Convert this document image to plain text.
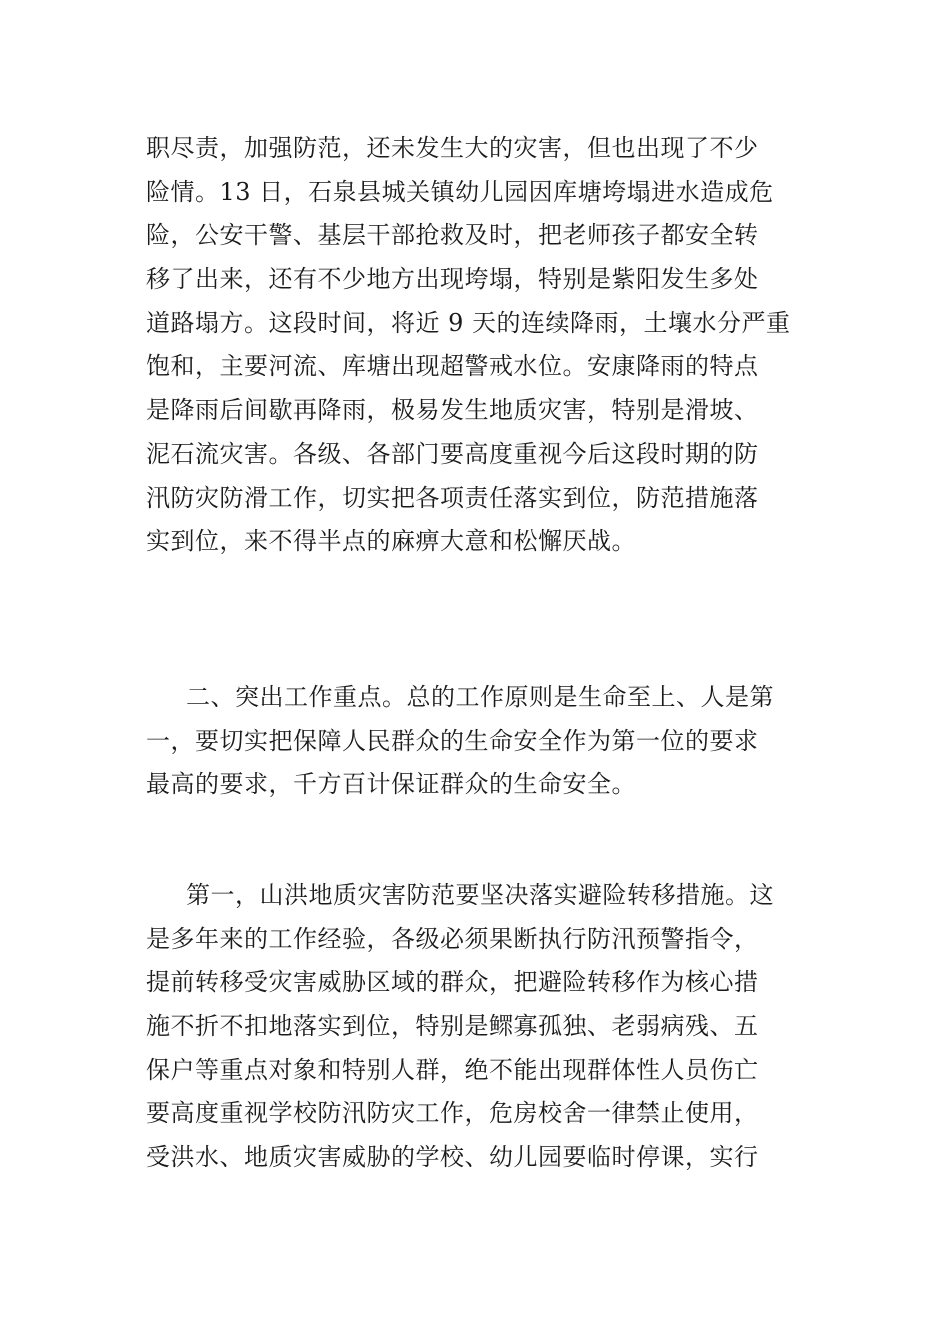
职尽责，加强防范，还未发生大的灾害，但也出现了不少
险情。13 日，石泉县城关镇幼儿园因库塘垮塌进水造成危
险，公安干警、基层干部抢救及时，把老师孩子都安全转
移了出来，还有不少地方出现垮塌，特别是紫阳发生多处
道路塌方。这段时间，将近 9 天的连续降雨，土壤水分严重
饱和，主要河流、库塘出现超警戒水位。安康降雨的特点
是降雨后间歇再降雨，极易发生地质灾害，特别是滑坡、
泥石流灾害。各级、各部门要高度重视今后这段时期的防
汛防灾防滑工作，切实把各项责任落实到位，防范措施落
实到位，来不得半点的麻痹大意和松懈厌战。

二、突出工作重点。总的工作原则是生命至上、人是第
一，要切实把保障人民群众的生命安全作为第一位的要求
最高的要求，千方百计保证群众的生命安全。

第一，山洪地质灾害防范要坚决落实避险转移措施。这
是多年来的工作经验，各级必须果断执行防汛预警指令，
提前转移受灾害威胁区域的群众，把避险转移作为核心措
施不折不扣地落实到位，特别是鳏寡孤独、老弱病残、五
保户等重点对象和特别人群，绝不能出现群体性人员伤亡
要高度重视学校防汛防灾工作，危房校舍一律禁止使用，
受洪水、地质灾害威胁的学校、幼儿园要临时停课，实行
